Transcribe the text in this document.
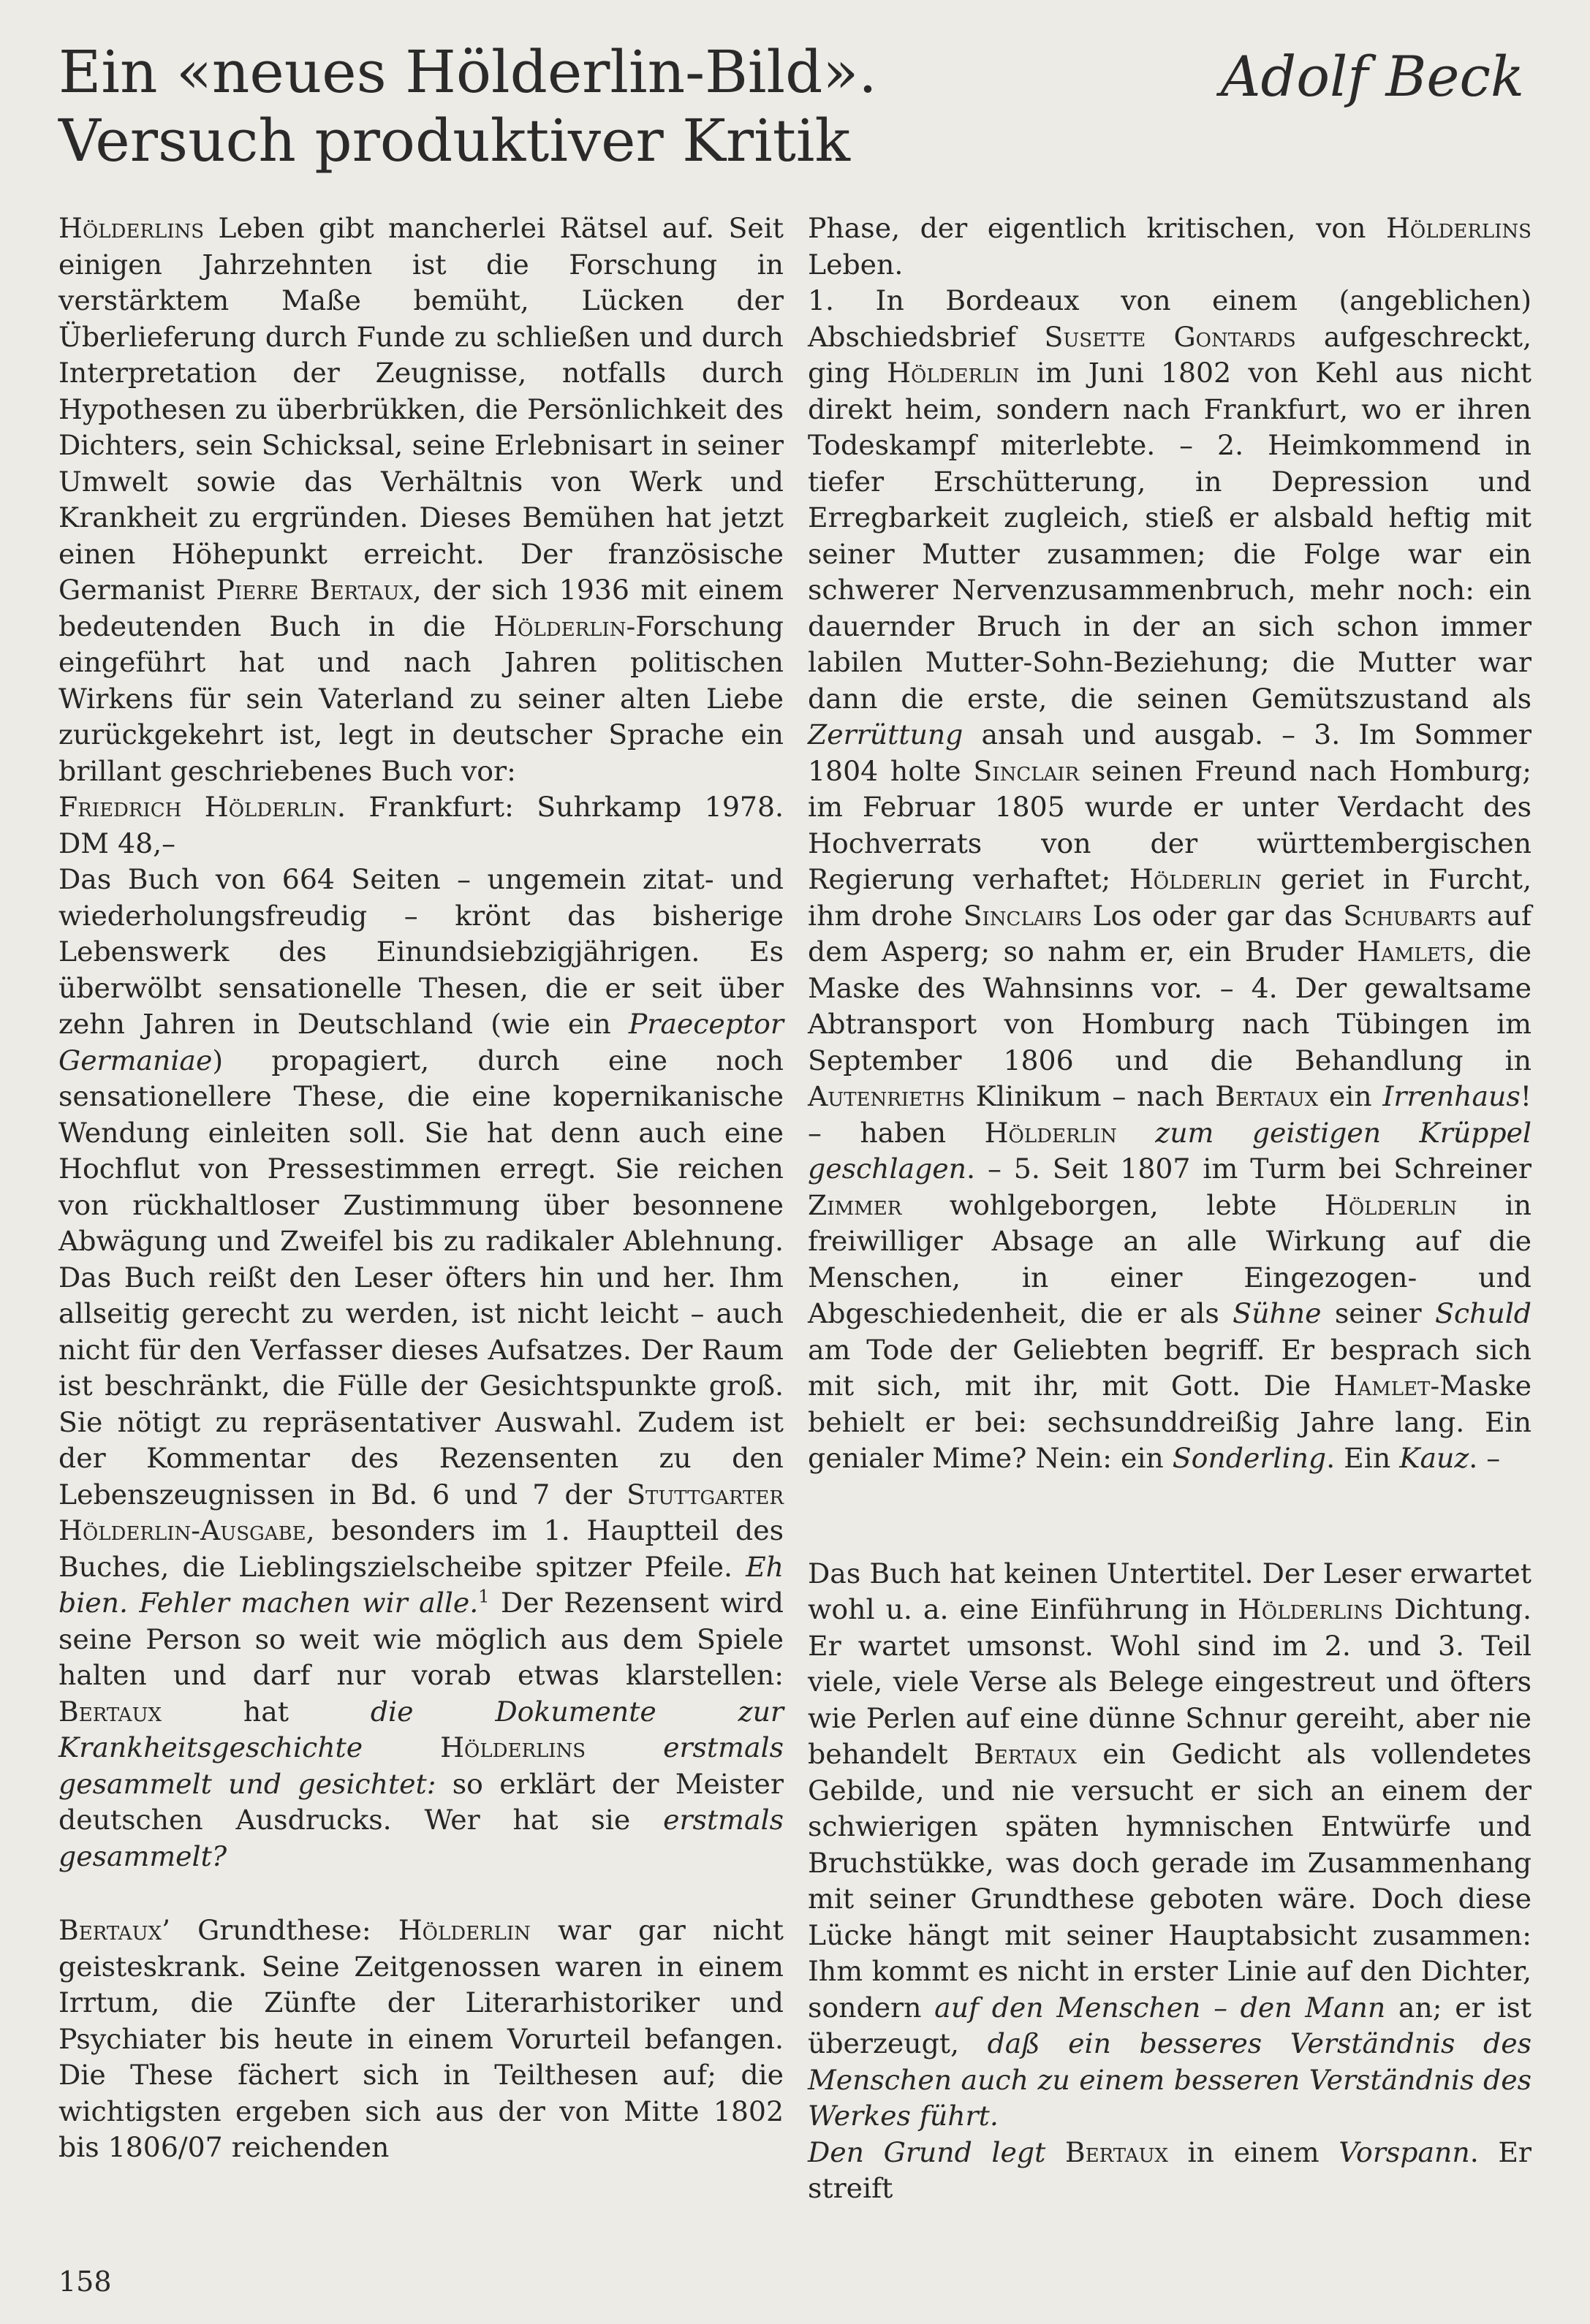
Ein «neues Hölderlin-Bild».
Versuch produktiver Kritik
Adolf Beck

Hölderlins Leben gibt mancherlei Rätsel auf. Seit einigen Jahrzehnten ist die Forschung in verstärktem Maße bemüht, Lücken der Überlieferung durch Funde zu schließen und durch Interpretation der Zeugnisse, notfalls durch Hypothesen zu überbrükken, die Persönlichkeit des Dichters, sein Schicksal, seine Erlebnisart in seiner Umwelt sowie das Verhältnis von Werk und Krankheit zu ergründen. Dieses Bemühen hat jetzt einen Höhepunkt erreicht. Der französische Germanist Pierre Bertaux, der sich 1936 mit einem bedeutenden Buch in die Hölderlin-Forschung eingeführt hat und nach Jahren politischen Wirkens für sein Vaterland zu seiner alten Liebe zurückgekehrt ist, legt in deutscher Sprache ein brillant geschriebenes Buch vor:

Friedrich Hölderlin. Frankfurt: Suhrkamp 1978. DM 48,–

Das Buch von 664 Seiten – ungemein zitat- und wiederholungsfreudig – krönt das bisherige Lebenswerk des Einundsiebzigjährigen. Es überwölbt sensationelle Thesen, die er seit über zehn Jahren in Deutschland (wie ein Praeceptor Germaniae) propagiert, durch eine noch sensationellere These, die eine kopernikanische Wendung einleiten soll. Sie hat denn auch eine Hochflut von Pressestimmen erregt. Sie reichen von rückhaltloser Zustimmung über besonnene Abwägung und Zweifel bis zu radikaler Ablehnung. Das Buch reißt den Leser öfters hin und her. Ihm allseitig gerecht zu werden, ist nicht leicht – auch nicht für den Verfasser dieses Aufsatzes. Der Raum ist beschränkt, die Fülle der Gesichtspunkte groß. Sie nötigt zu repräsentativer Auswahl. Zudem ist der Kommentar des Rezensenten zu den Lebenszeugnissen in Bd. 6 und 7 der Stuttgarter Hölderlin-Ausgabe, besonders im 1. Hauptteil des Buches, die Lieblingszielscheibe spitzer Pfeile. Eh bien. Fehler machen wir alle.$^1$ Der Rezensent wird seine Person so weit wie möglich aus dem Spiele halten und darf nur vorab etwas klarstellen: Bertaux hat die Dokumente zur Krankheitsgeschichte Hölderlins erstmals gesammelt und gesichtet: so erklärt der Meister deutschen Ausdrucks. Wer hat sie erstmals gesammelt?

Bertaux’ Grundthese: Hölderlin war gar nicht geisteskrank. Seine Zeitgenossen waren in einem Irrtum, die Zünfte der Literarhistoriker und Psychiater bis heute in einem Vorurteil befangen. Die These fächert sich in Teilthesen auf; die wichtigsten ergeben sich aus der von Mitte 1802 bis 1806/07 reichenden

Phase, der eigentlich kritischen, von Hölderlins Leben.

1. In Bordeaux von einem (angeblichen) Abschiedsbrief Susette Gontards aufgeschreckt, ging Hölderlin im Juni 1802 von Kehl aus nicht direkt heim, sondern nach Frankfurt, wo er ihren Todeskampf miterlebte. – 2. Heimkommend in tiefer Erschütterung, in Depression und Erregbarkeit zugleich, stieß er alsbald heftig mit seiner Mutter zusammen; die Folge war ein schwerer Nervenzusammenbruch, mehr noch: ein dauernder Bruch in der an sich schon immer labilen Mutter-Sohn-Beziehung; die Mutter war dann die erste, die seinen Gemütszustand als Zerrüttung ansah und ausgab. – 3. Im Sommer 1804 holte Sinclair seinen Freund nach Homburg; im Februar 1805 wurde er unter Verdacht des Hochverrats von der württembergischen Regierung verhaftet; Hölderlin geriet in Furcht, ihm drohe Sinclairs Los oder gar das Schubarts auf dem Asperg; so nahm er, ein Bruder Hamlets, die Maske des Wahnsinns vor. – 4. Der gewaltsame Abtransport von Homburg nach Tübingen im September 1806 und die Behandlung in Autenrieths Klinikum – nach Bertaux ein Irrenhaus! – haben Hölderlin zum geistigen Krüppel geschlagen. – 5. Seit 1807 im Turm bei Schreiner Zimmer wohlgeborgen, lebte Hölderlin in freiwilliger Absage an alle Wirkung auf die Menschen, in einer Eingezogen- und Abgeschiedenheit, die er als Sühne seiner Schuld am Tode der Geliebten begriff. Er besprach sich mit sich, mit ihr, mit Gott. Die Hamlet-Maske behielt er bei: sechsunddreißig Jahre lang. Ein genialer Mime? Nein: ein Sonderling. Ein Kauz. –

Das Buch hat keinen Untertitel. Der Leser erwartet wohl u. a. eine Einführung in Hölderlins Dichtung. Er wartet umsonst. Wohl sind im 2. und 3. Teil viele, viele Verse als Belege eingestreut und öfters wie Perlen auf eine dünne Schnur gereiht, aber nie behandelt Bertaux ein Gedicht als vollendetes Gebilde, und nie versucht er sich an einem der schwierigen späten hymnischen Entwürfe und Bruchstükke, was doch gerade im Zusammenhang mit seiner Grundthese geboten wäre. Doch diese Lücke hängt mit seiner Hauptabsicht zusammen: Ihm kommt es nicht in erster Linie auf den Dichter, sondern auf den Menschen – den Mann an; er ist überzeugt, daß ein besseres Verständnis des Menschen auch zu einem besseren Verständnis des Werkes führt.

Den Grund legt Bertaux in einem Vorspann. Er streift

158
